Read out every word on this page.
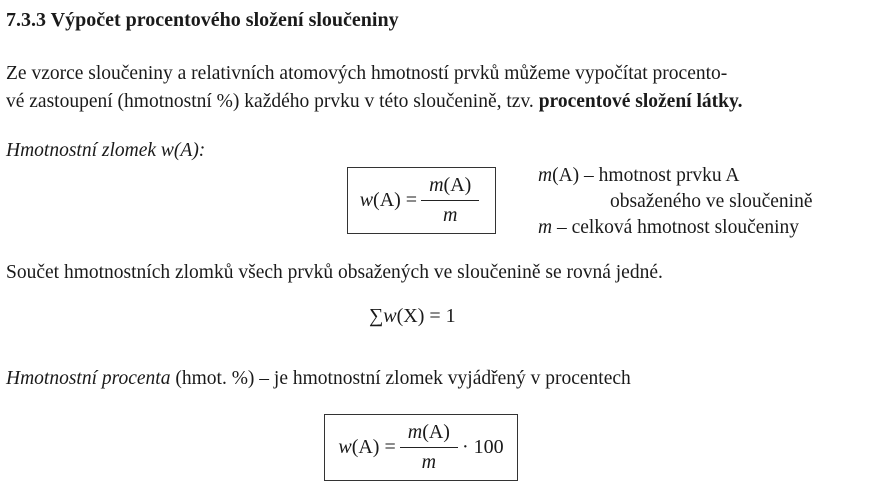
7.3.3 Výpočet procentového složení sloučeniny
Ze vzorce sloučeniny a relativních atomových hmotností prvků můžeme vypočítat procento-
vé zastoupení (hmotnostní %) každého prvku v této sloučenině, tzv. procentové složení látky.
Hmotnostní zlomek w(A):
$w(A) = \frac{m(A)}{m}$	m(A) – hmotnost prvku A
obsaženého ve sloučenině
m – celková hmotnost sloučeniny
Součet hmotnostních zlomků všech prvků obsažených ve sloučenině se rovná jedné.
∑w(X) = 1
Hmotnostní procenta (hmot. %) – je hmotnostní zlomek vyjádřený v procentech
$w(A) = \frac{m(A)}{m} \cdot 100$
